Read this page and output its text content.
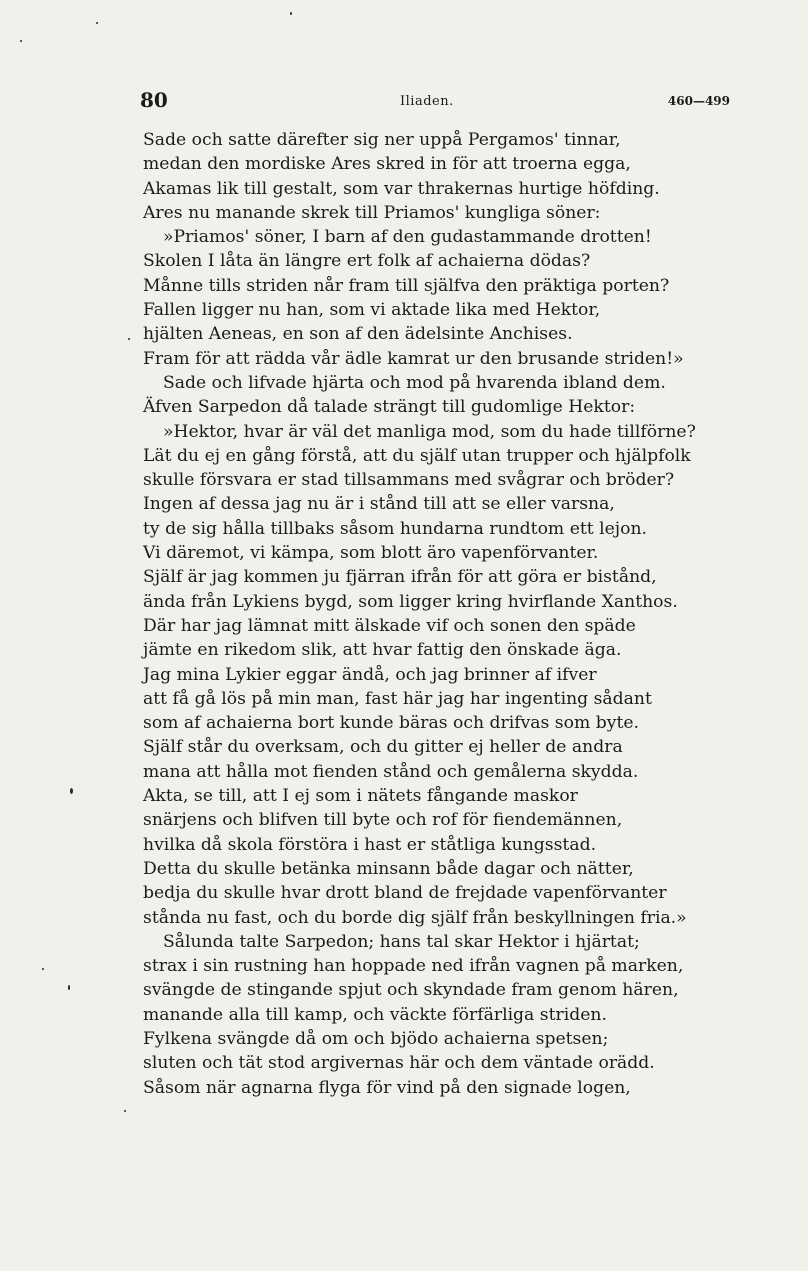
80	Iliaden.	460—499
Sade och satte därefter sig ner uppå Pergamos' tinnar,
medan den mordiske Ares skred in för att troerna egga,
Akamas lik till gestalt, som var thrakernas hurtige höfding.
Ares nu manande skrek till Priamos' kungliga söner:
»Priamos' söner, I barn af den gudastammande drotten!
Skolen I låta än längre ert folk af achaierna dödas?
Månne tills striden når fram till själfva den präktiga porten?
Fallen ligger nu han, som vi aktade lika med Hektor,
hjälten Aeneas, en son af den ädelsinte Anchises.
Fram för att rädda vår ädle kamrat ur den brusande striden!»
Sade och lifvade hjärta och mod på hvarenda ibland dem.
Äfven Sarpedon då talade strängt till gudomlige Hektor:
»Hektor, hvar är väl det manliga mod, som du hade tillförne?
Lät du ej en gång förstå, att du själf utan trupper och hjälpfolk
skulle försvara er stad tillsammans med svågrar och bröder?
Ingen af dessa jag nu är i stånd till att se eller varsna,
ty de sig hålla tillbaks såsom hundarna rundtom ett lejon.
Vi däremot, vi kämpa, som blott äro vapenförvanter.
Själf är jag kommen ju fjärran ifrån för att göra er bistånd,
ända från Lykiens bygd, som ligger kring hvirflande Xanthos.
Där har jag lämnat mitt älskade vif och sonen den späde
jämte en rikedom slik, att hvar fattig den önskade äga.
Jag mina Lykier eggar ändå, och jag brinner af ifver
att få gå lös på min man, fast här jag har ingenting sådant
som af achaierna bort kunde bäras och drifvas som byte.
Själf står du overksam, och du gitter ej heller de andra
mana att hålla mot fienden stånd och gemålerna skydda.
Akta, se till, att I ej som i nätets fångande maskor
snärjens och blifven till byte och rof för fiendemännen,
hvilka då skola förstöra i hast er ståtliga kungsstad.
Detta du skulle betänka minsann både dagar och nätter,
bedja du skulle hvar drott bland de frejdade vapenförvanter
stånda nu fast, och du borde dig själf från beskyllningen fria.»
Sålunda talte Sarpedon; hans tal skar Hektor i hjärtat;
strax i sin rustning han hoppade ned ifrån vagnen på marken,
svängde de stingande spjut och skyndade fram genom hären,
manande alla till kamp, och väckte förfärliga striden.
Fylkena svängde då om och bjödo achaierna spetsen;
sluten och tät stod argivernas här och dem väntade orädd.
Såsom när agnarna flyga för vind på den signade logen,
